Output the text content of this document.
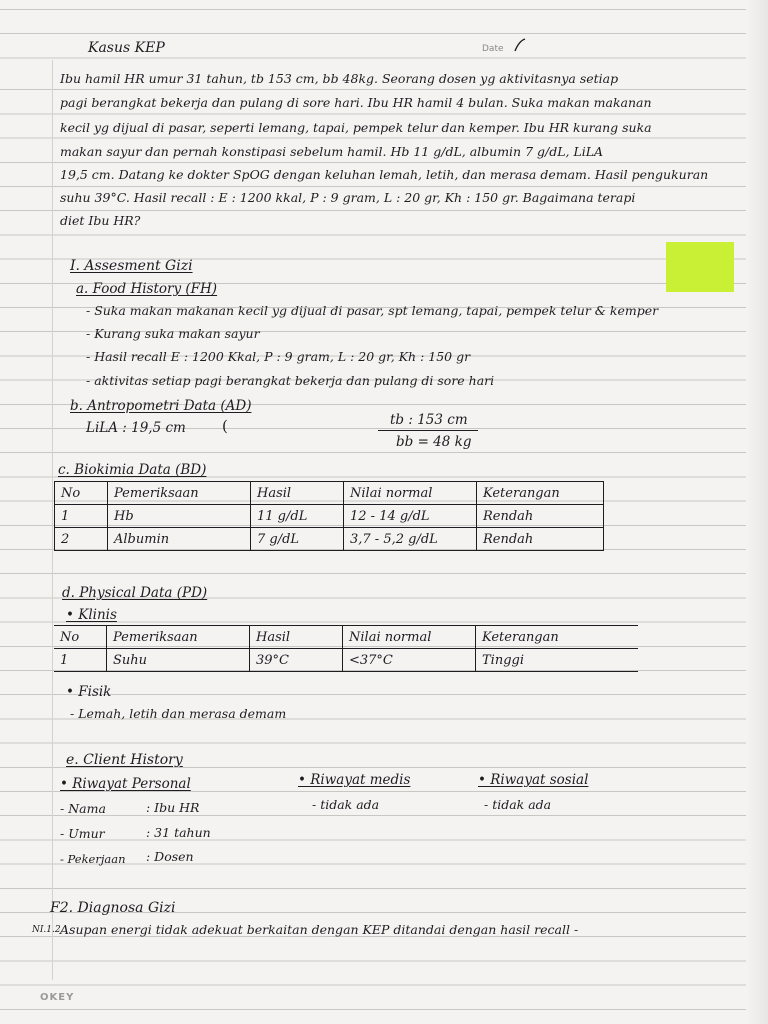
Kasus KEP	Date
Ibu hamil HR umur 31 tahun, tb 153 cm, bb 48kg. Seorang dosen yg aktivitasnya setiap
pagi berangkat bekerja dan pulang di sore hari. Ibu HR hamil 4 bulan. Suka makan makanan
kecil yg dijual di pasar, seperti lemang, tapai, pempek telur dan kemper. Ibu HR kurang suka
makan sayur dan pernah konstipasi sebelum hamil. Hb 11 g/dL, albumin 7 g/dL, LiLA
19,5 cm. Datang ke dokter SpOG dengan keluhan lemah, letih, dan merasa demam. Hasil pengukuran
suhu 39°C. Hasil recall : E : 1200 kkal, P : 9 gram, L : 20 gr, Kh : 150 gr. Bagaimana terapi
diet Ibu HR?
I. Assesment Gizi
a. Food History (FH)
- Suka makan makanan kecil yg dijual di pasar, spt lemang, tapai, pempek telur & kemper
- Kurang suka makan sayur
- Hasil recall E : 1200 Kkal, P : 9 gram, L : 20 gr, Kh : 150 gr
- aktivitas setiap pagi berangkat bekerja dan pulang di sore hari
b. Antropometri Data (AD)
LiLA : 19,5 cm (	tb : 153 cm
bb = 48 kg
c. Biokimia Data (BD)
No	Pemeriksaan	Hasil	Nilai normal	Keterangan
1	Hb	11 g/dL	12 - 14 g/dL	Rendah
2	Albumin	7 g/dL	3,7 - 5,2 g/dL	Rendah
d. Physical Data (PD)
• Klinis
No	Pemeriksaan	Hasil	Nilai normal	Keterangan
1	Suhu	39°C	<37°C	Tinggi
• Fisik
- Lemah, letih dan merasa demam
e. Client History
• Riwayat Personal	• Riwayat medis	• Riwayat sosial
- tidak ada	- tidak ada
- Nama	: Ibu HR
- Umur	: 31 tahun
- Pekerjaan : Dosen
F2. Diagnosa Gizi
NI.1.2 Asupan energi tidak adekuat berkaitan dengan KEP ditandai dengan hasil recall -
OKEY
